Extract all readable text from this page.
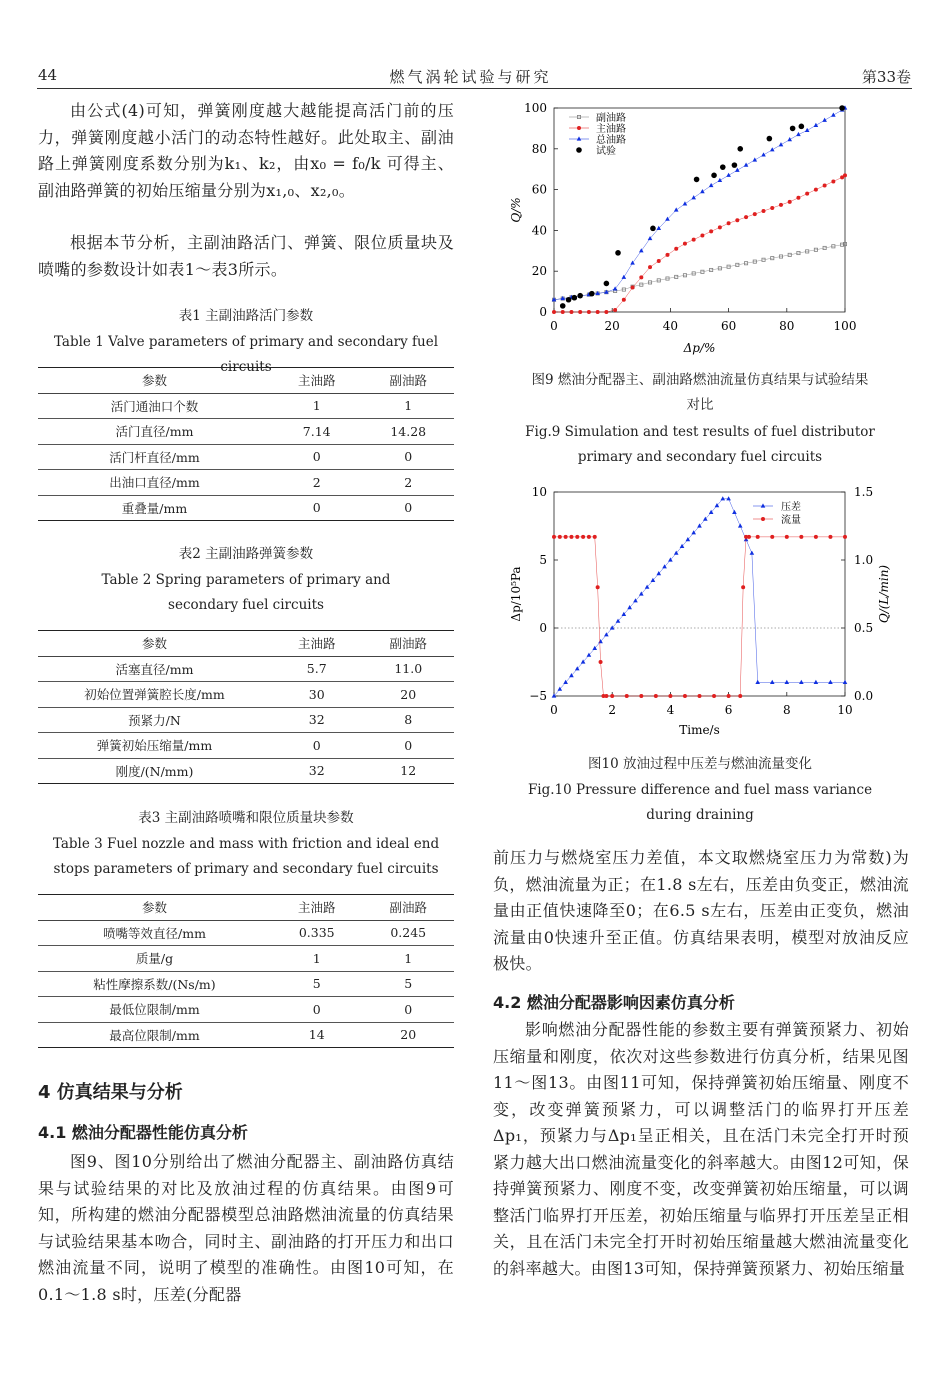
44	燃气涡轮试验与研究	第33卷
由公式(4)可知，弹簧刚度越大越能提高活门前的压力，弹簧刚度越小活门的动态特性越好。此处取主、副油路上弹簧刚度系数分别为k₁、k₂，由x₀ = f₀/k 可得主、副油路弹簧的初始压缩量分别为x₁,₀、x₂,₀。
根据本节分析，主副油路活门、弹簧、限位质量块及喷嘴的参数设计如表1～表3所示。
表1 主副油路活门参数
Table 1 Valve parameters of primary and secondary fuel circuits
参数	主油路	副油路
活门通油口个数	1	1
活门直径/mm	7.14	14.28
活门杆直径/mm	0	0
出油口直径/mm	2	2
重叠量/mm	0	0
表2 主副油路弹簧参数
Table 2 Spring parameters of primary and secondary fuel circuits
参数	主油路	副油路
活塞直径/mm	5.7	11.0
初始位置弹簧腔长度/mm	30	20
预紧力/N	32	8
弹簧初始压缩量/mm	0	0
刚度/(N/mm)	32	12
表3 主副油路喷嘴和限位质量块参数
Table 3 Fuel nozzle and mass with friction and ideal end stops parameters of primary and secondary fuel circuits
参数	主油路	副油路
喷嘴等效直径/mm	0.335	0.245
质量/g	1	1
粘性摩擦系数/(Ns/m)	5	5
最低位限制/mm	0	0
最高位限制/mm	14	20
4 仿真结果与分析
4.1 燃油分配器性能仿真分析
图9、图10分别给出了燃油分配器主、副油路仿真结果与试验结果的对比及放油过程的仿真结果。由图9可知，所构建的燃油分配器模型总油路燃油流量的仿真结果与试验结果基本吻合，同时主、副油路的打开压力和出口燃油流量不同，说明了模型的准确性。由图10可知，在0.1～1.8 s时，压差(分配器
0	20	40	60	80	100
0
20
40
60
80
100
Δp/%
Q/%
副油路
主油路
总油路
试验
图9 燃油分配器主、副油路燃油流量仿真结果与试验结果对比
Fig.9 Simulation and test results of fuel distributor primary and secondary fuel circuits
0	2	4	6	8	10
−5
0
5
10
0.0
0.5
1.0
1.5
Time/s
Δp/10⁵Pa	Q/(L/min)
压差
流量
图10 放油过程中压差与燃油流量变化
Fig.10 Pressure difference and fuel mass variance during draining
前压力与燃烧室压力差值，本文取燃烧室压力为常数)为负，燃油流量为正；在1.8 s左右，压差由负变正，燃油流量由正值快速降至0；在6.5 s左右，压差由正变负，燃油流量由0快速升至正值。仿真结果表明，模型对放油反应极快。
4.2 燃油分配器影响因素仿真分析
影响燃油分配器性能的参数主要有弹簧预紧力、初始压缩量和刚度，依次对这些参数进行仿真分析，结果见图11～图13。由图11可知，保持弹簧初始压缩量、刚度不变，改变弹簧预紧力，可以调整活门的临界打开压差Δp₁，预紧力与Δp₁呈正相关，且在活门未完全打开时预紧力越大出口燃油流量变化的斜率越大。由图12可知，保持弹簧预紧力、刚度不变，改变弹簧初始压缩量，可以调整活门临界打开压差，初始压缩量与临界打开压差呈正相关，且在活门未完全打开时初始压缩量越大燃油流量变化的斜率越大。由图13可知，保持弹簧预紧力、初始压缩量
